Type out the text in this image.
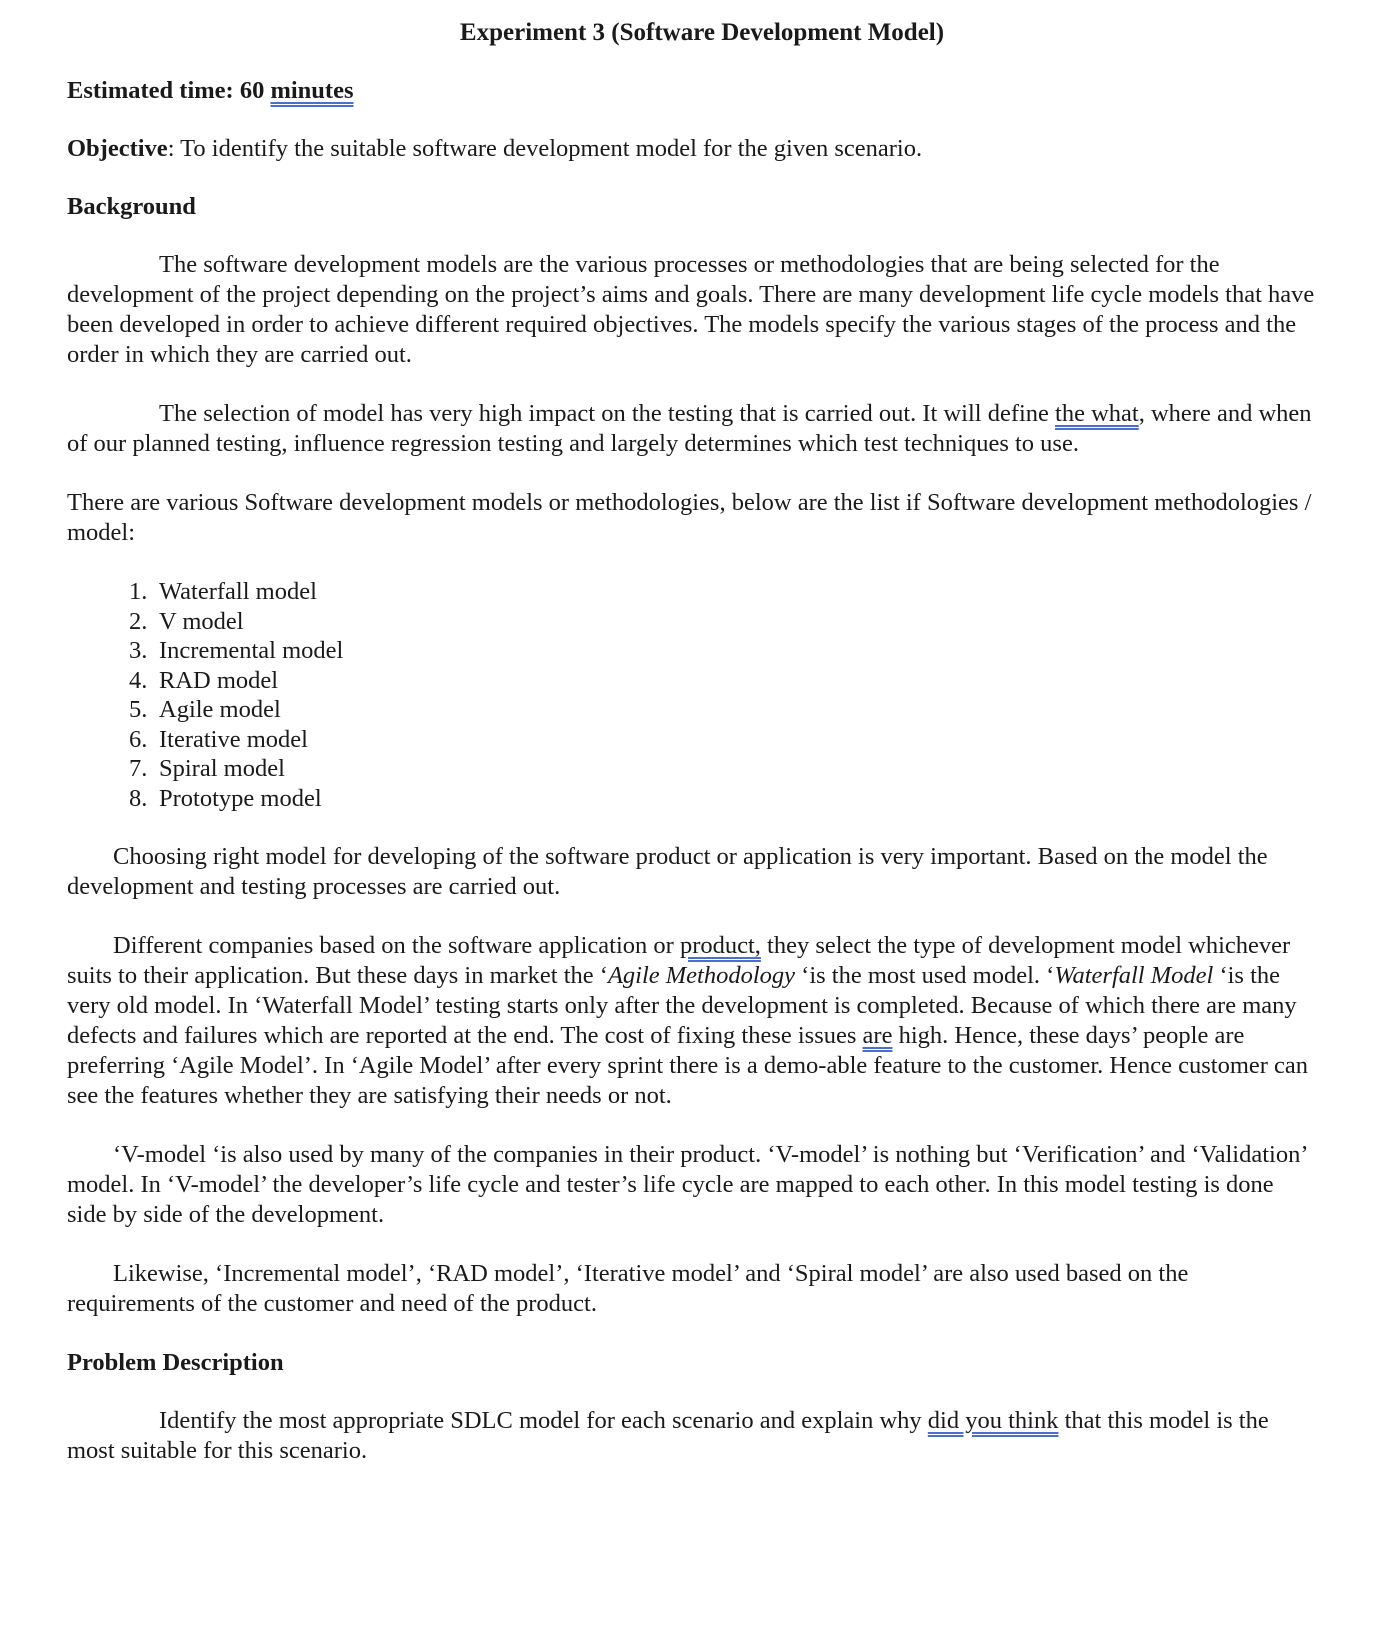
Experiment 3 (Software Development Model)
Estimated time: 60 minutes
Objective: To identify the suitable software development model for the given scenario.
Background

The software development models are the various processes or methodologies that are being selected for the development of the project depending on the project’s aims and goals. There are many development life cycle models that have been developed in order to achieve different required objectives. The models specify the various stages of the process and the order in which they are carried out.

The selection of model has very high impact on the testing that is carried out. It will define the what, where and when of our planned testing, influence regression testing and largely determines which test techniques to use.

There are various Software development models or methodologies, below are the list if Software development methodologies / model:

1. Waterfall model
2. V model
3. Incremental model
4. RAD model
5. Agile model
6. Iterative model
7. Spiral model
8. Prototype model

Choosing right model for developing of the software product or application is very important. Based on the model the development and testing processes are carried out.

Different companies based on the software application or product, they select the type of development model whichever suits to their application. But these days in market the ‘Agile Methodology ‘is the most used model. ‘Waterfall Model ‘is the very old model. In ‘Waterfall Model’ testing starts only after the development is completed. Because of which there are many defects and failures which are reported at the end. The cost of fixing these issues are high. Hence, these days’ people are preferring ‘Agile Model’. In ‘Agile Model’ after every sprint there is a demo-able feature to the customer. Hence customer can see the features whether they are satisfying their needs or not.

‘V-model ‘is also used by many of the companies in their product. ‘V-model’ is nothing but ‘Verification’ and ‘Validation’ model. In ‘V-model’ the developer’s life cycle and tester’s life cycle are mapped to each other. In this model testing is done side by side of the development.

Likewise, ‘Incremental model’, ‘RAD model’, ‘Iterative model’ and ‘Spiral model’ are also used based on the requirements of the customer and need of the product.

Problem Description

Identify the most appropriate SDLC model for each scenario and explain why did you think that this model is the most suitable for this scenario.
